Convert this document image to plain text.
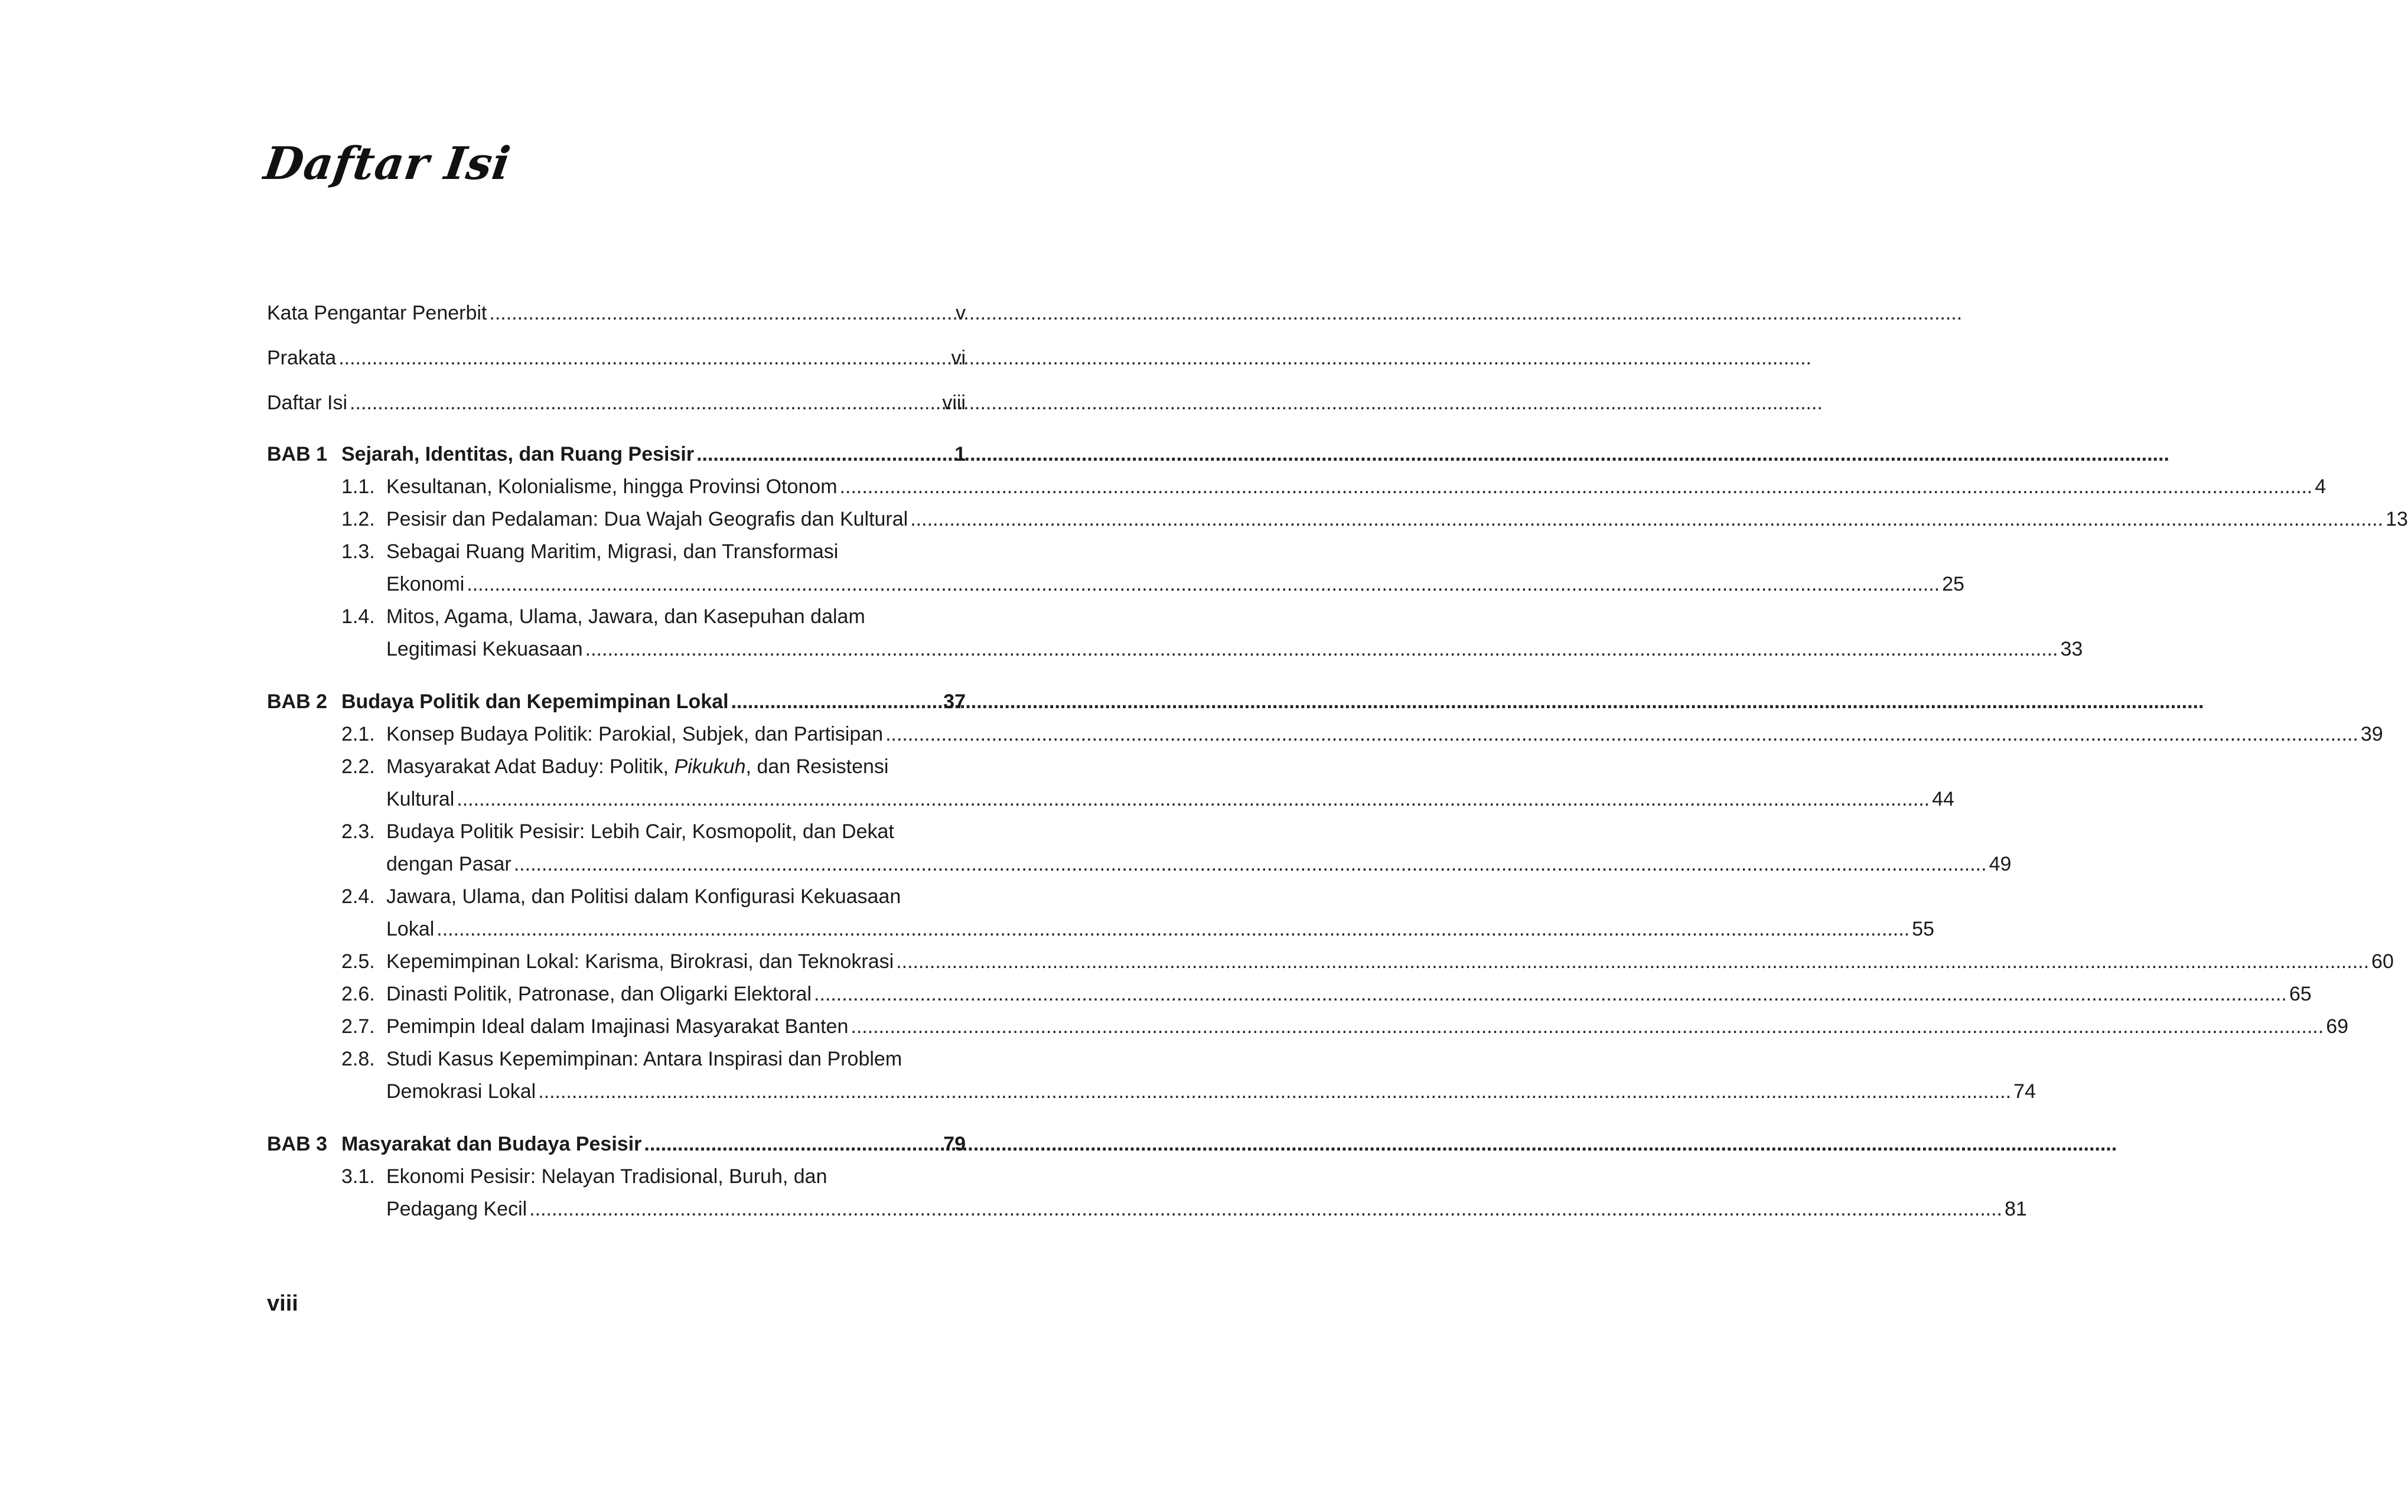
Daftar Isi
Kata Pengantar Penerbit .....	v
Prakata .....	vi
Daftar Isi .....	viii
BAB 1 Sejarah, Identitas, dan Ruang Pesisir .....	1
1.1. Kesultanan, Kolonialisme, hingga Provinsi Otonom .....	4
1.2. Pesisir dan Pedalaman: Dua Wajah Geografis dan Kultural .....	13
1.3. Sebagai Ruang Maritim, Migrasi, dan Transformasi
Ekonomi .....	25
1.4. Mitos, Agama, Ulama, Jawara, dan Kasepuhan dalam
Legitimasi Kekuasaan .....	33
BAB 2 Budaya Politik dan Kepemimpinan Lokal .....	37
2.1. Konsep Budaya Politik: Parokial, Subjek, dan Partisipan .....	39
2.2. Masyarakat Adat Baduy: Politik, Pikukuh, dan Resistensi
Kultural .....	44
2.3. Budaya Politik Pesisir: Lebih Cair, Kosmopolit, dan Dekat
dengan Pasar .....	49
2.4. Jawara, Ulama, dan Politisi dalam Konfigurasi Kekuasaan
Lokal .....	55
2.5. Kepemimpinan Lokal: Karisma, Birokrasi, dan Teknokrasi .....	60
2.6. Dinasti Politik, Patronase, dan Oligarki Elektoral .....	65
2.7. Pemimpin Ideal dalam Imajinasi Masyarakat Banten .....	69
2.8. Studi Kasus Kepemimpinan: Antara Inspirasi dan Problem
Demokrasi Lokal .....	74
BAB 3 Masyarakat dan Budaya Pesisir .....	79
3.1. Ekonomi Pesisir: Nelayan Tradisional, Buruh, dan
Pedagang Kecil .....	81
viii
